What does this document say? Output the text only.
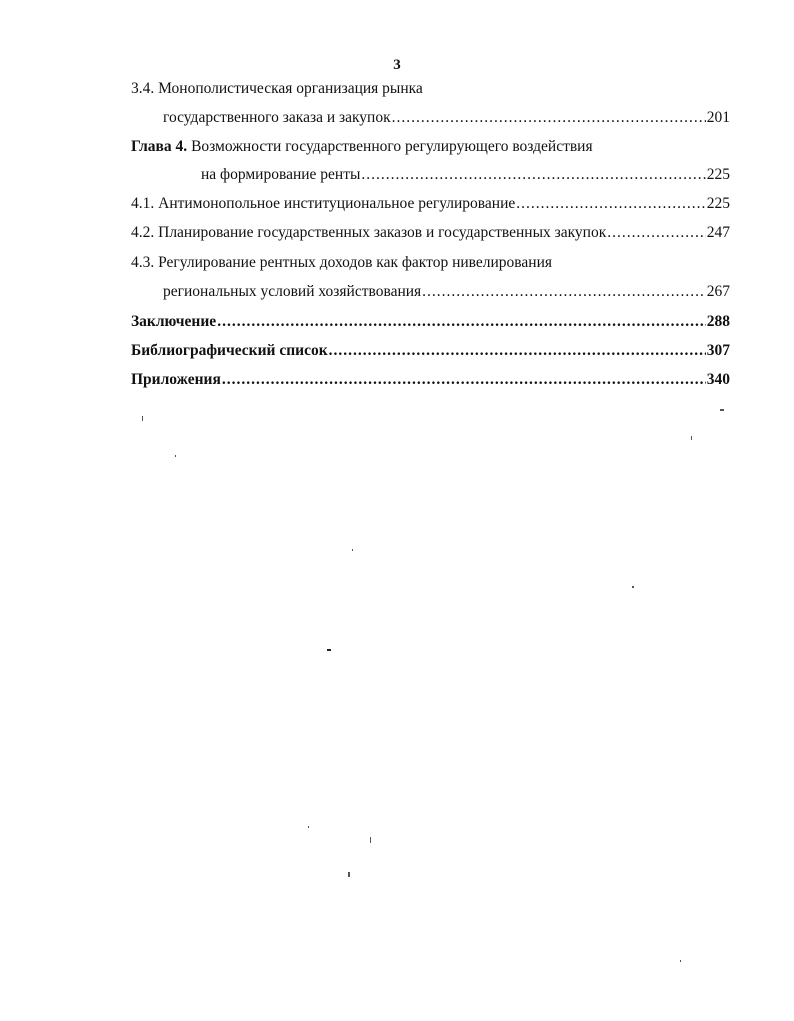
3
3.4. Монополистическая организация рынка
государственного заказа и закупок .....	201
Глава 4. Возможности государственного регулирующего воздействия
на формирование ренты .....	225
4.1. Антимонопольное институциональное регулирование .....	225
4.2. Планирование государственных заказов и государственных закупок .....	247
4.3. Регулирование рентных доходов как фактор нивелирования
региональных условий хозяйствования .....	267
Заключение .....	288
Библиографический список .....	307
Приложения .....	340
